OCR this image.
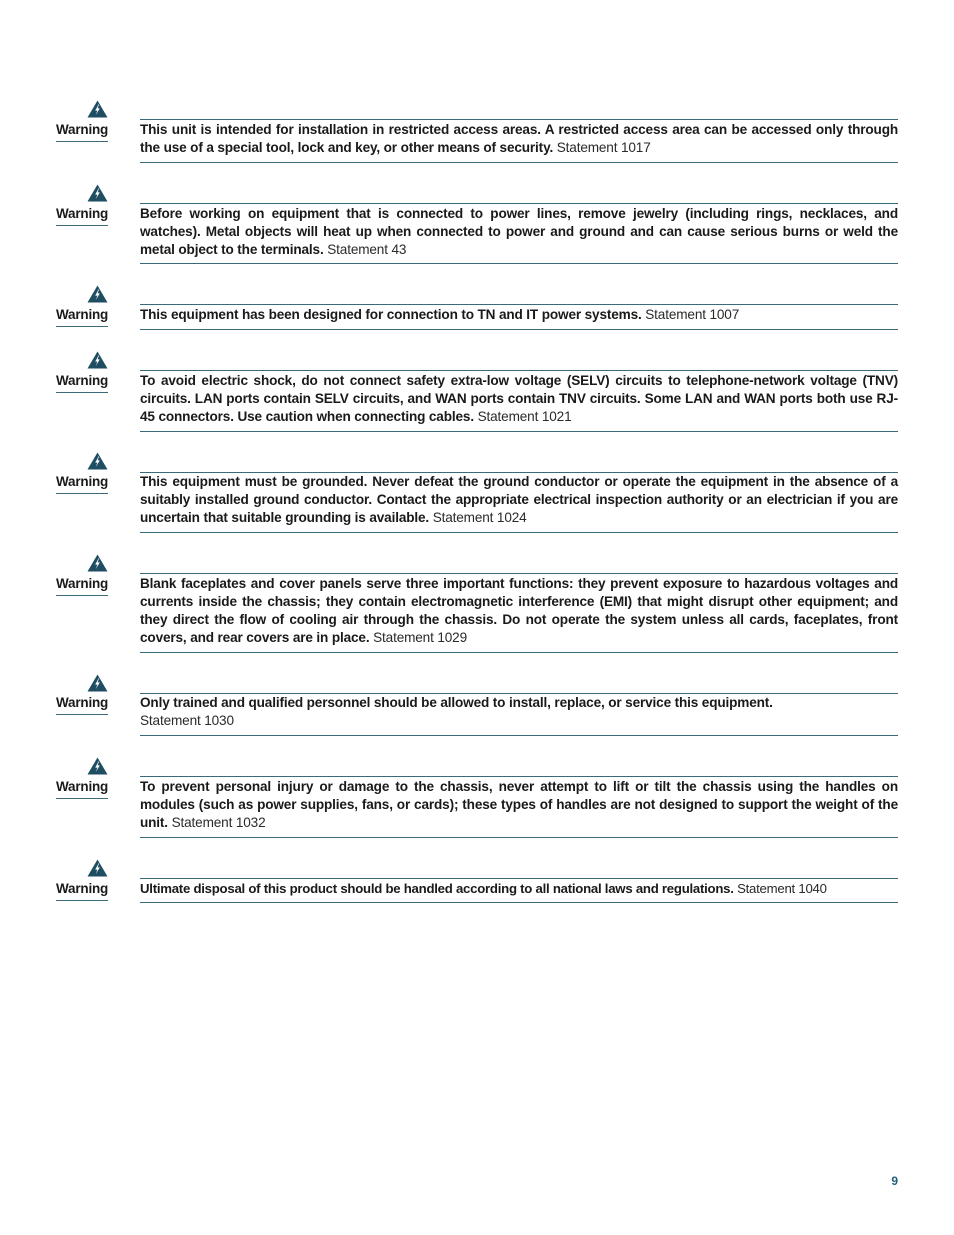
Warning This unit is intended for installation in restricted access areas. A restricted access area can be accessed only through the use of a special tool, lock and key, or other means of security. Statement 1017
Warning Before working on equipment that is connected to power lines, remove jewelry (including rings, necklaces, and watches). Metal objects will heat up when connected to power and ground and can cause serious burns or weld the metal object to the terminals. Statement 43
Warning This equipment has been designed for connection to TN and IT power systems. Statement 1007
Warning To avoid electric shock, do not connect safety extra-low voltage (SELV) circuits to telephone-network voltage (TNV) circuits. LAN ports contain SELV circuits, and WAN ports contain TNV circuits. Some LAN and WAN ports both use RJ-45 connectors. Use caution when connecting cables. Statement 1021
Warning This equipment must be grounded. Never defeat the ground conductor or operate the equipment in the absence of a suitably installed ground conductor. Contact the appropriate electrical inspection authority or an electrician if you are uncertain that suitable grounding is available. Statement 1024
Warning Blank faceplates and cover panels serve three important functions: they prevent exposure to hazardous voltages and currents inside the chassis; they contain electromagnetic interference (EMI) that might disrupt other equipment; and they direct the flow of cooling air through the chassis. Do not operate the system unless all cards, faceplates, front covers, and rear covers are in place. Statement 1029
Warning Only trained and qualified personnel should be allowed to install, replace, or service this equipment.
Statement 1030
Warning To prevent personal injury or damage to the chassis, never attempt to lift or tilt the chassis using the handles on modules (such as power supplies, fans, or cards); these types of handles are not designed to support the weight of the unit. Statement 1032
Warning Ultimate disposal of this product should be handled according to all national laws and regulations. Statement 1040
9
